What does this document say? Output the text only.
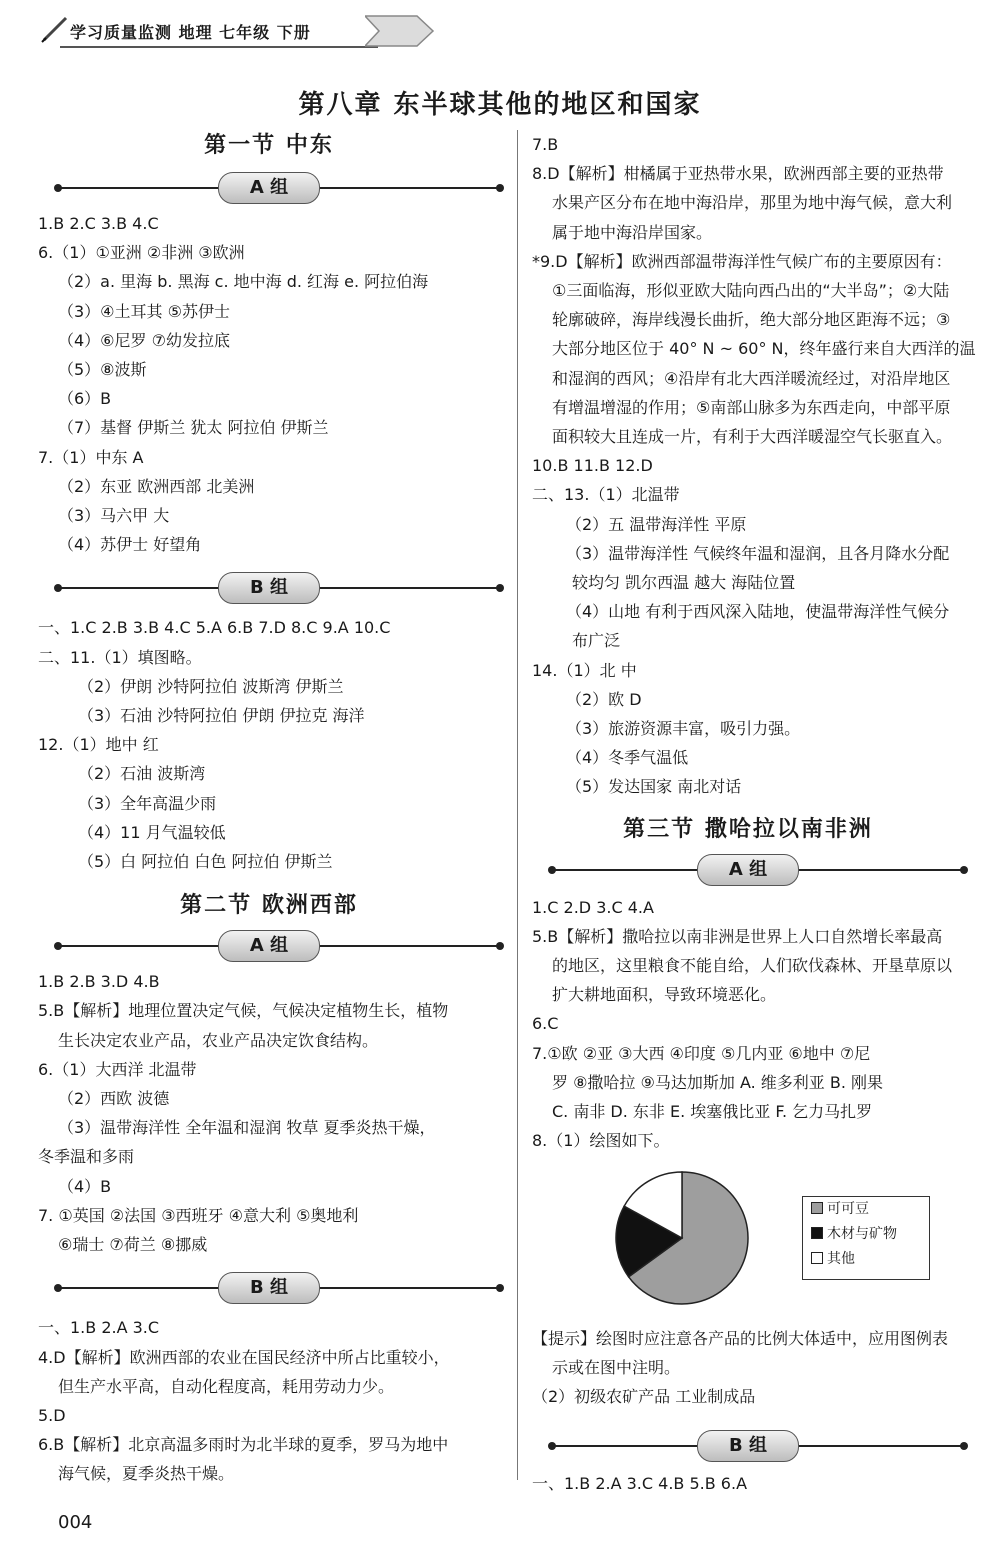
学习质量监测 地理 七年级 下册
第八章 东半球其他的地区和国家
第一节 中东
A 组
1.B 2.C 3.B 4.C
6.（1）①亚洲 ②非洲 ③欧洲
（2）a. 里海 b. 黑海 c. 地中海 d. 红海 e. 阿拉伯海
（3）④土耳其 ⑤苏伊士
（4）⑥尼罗 ⑦幼发拉底
（5）⑧波斯
（6）B
（7）基督 伊斯兰 犹太 阿拉伯 伊斯兰
7.（1）中东 A
（2）东亚 欧洲西部 北美洲
（3）马六甲 大
（4）苏伊士 好望角
B 组
一、1.C 2.B 3.B 4.C 5.A 6.B 7.D 8.C 9.A 10.C
二、11.（1）填图略。
（2）伊朗 沙特阿拉伯 波斯湾 伊斯兰
（3）石油 沙特阿拉伯 伊朗 伊拉克 海洋
12.（1）地中 红
（2）石油 波斯湾
（3）全年高温少雨
（4）11 月气温较低
（5）白 阿拉伯 白色 阿拉伯 伊斯兰
第二节 欧洲西部
A 组
1.B 2.B 3.D 4.B
5.B【解析】地理位置决定气候，气候决定植物生长，植物
生长决定农业产品，农业产品决定饮食结构。
6.（1）大西洋 北温带
（2）西欧 波德
（3）温带海洋性 全年温和湿润 牧草 夏季炎热干燥，
冬季温和多雨
（4）B
7. ①英国 ②法国 ③西班牙 ④意大利 ⑤奥地利
⑥瑞士 ⑦荷兰 ⑧挪威
B 组
一、1.B 2.A 3.C
4.D【解析】欧洲西部的农业在国民经济中所占比重较小，
但生产水平高，自动化程度高，耗用劳动力少。
5.D
6.B【解析】北京高温多雨时为北半球的夏季，罗马为地中
海气候，夏季炎热干燥。
7.B
8.D【解析】柑橘属于亚热带水果，欧洲西部主要的亚热带
水果产区分布在地中海沿岸，那里为地中海气候，意大利
属于地中海沿岸国家。
*9.D【解析】欧洲西部温带海洋性气候广布的主要原因有：
①三面临海，形似亚欧大陆向西凸出的“大半岛”；②大陆
轮廓破碎，海岸线漫长曲折，绝大部分地区距海不远；③
大部分地区位于 40° N ~ 60° N，终年盛行来自大西洋的温
和湿润的西风；④沿岸有北大西洋暖流经过，对沿岸地区
有增温增湿的作用；⑤南部山脉多为东西走向，中部平原
面积较大且连成一片，有利于大西洋暖湿空气长驱直入。
10.B 11.B 12.D
二、13.（1）北温带
（2）五 温带海洋性 平原
（3）温带海洋性 气候终年温和湿润，且各月降水分配
较均匀 凯尔西温 越大 海陆位置
（4）山地 有利于西风深入陆地，使温带海洋性气候分
布广泛
14.（1）北 中
（2）欧 D
（3）旅游资源丰富，吸引力强。
（4）冬季气温低
（5）发达国家 南北对话
第三节 撒哈拉以南非洲
A 组
1.C 2.D 3.C 4.A
5.B【解析】撒哈拉以南非洲是世界上人口自然增长率最高
的地区，这里粮食不能自给，人们砍伐森林、开垦草原以
扩大耕地面积，导致环境恶化。
6.C
7.①欧 ②亚 ③大西 ④印度 ⑤几内亚 ⑥地中 ⑦尼
罗 ⑧撒哈拉 ⑨马达加斯加 A. 维多利亚 B. 刚果
C. 南非 D. 东非 E. 埃塞俄比亚 F. 乞力马扎罗
8.（1）绘图如下。
可可豆
木材与矿物
其他
【提示】绘图时应注意各产品的比例大体适中，应用图例表
示或在图中注明。
（2）初级农矿产品 工业制成品
B 组
一、1.B 2.A 3.C 4.B 5.B 6.A
004
